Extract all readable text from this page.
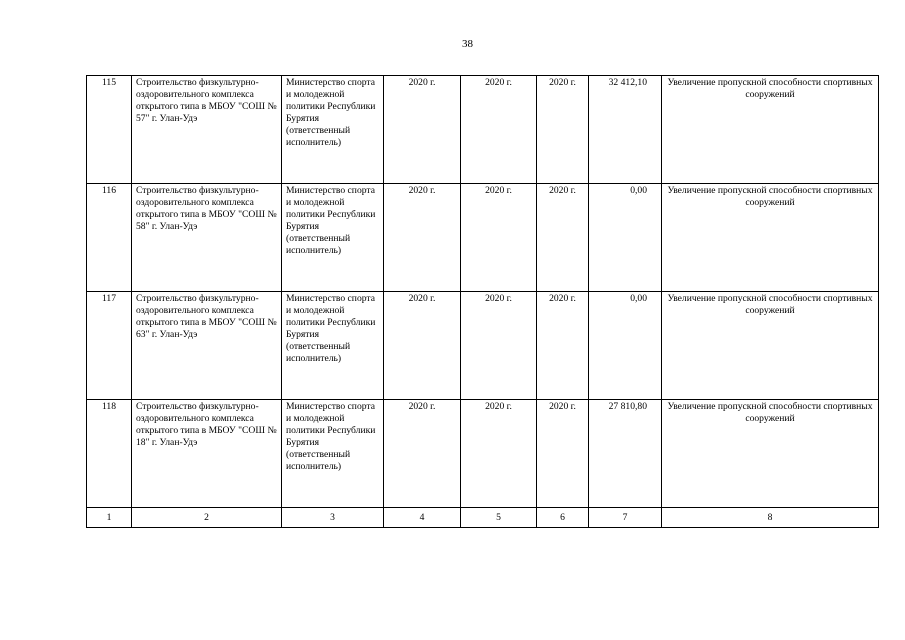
38
115	Строительство физкультурно-оздоровительного комплекса открытого типа в МБОУ "СОШ № 57" г. Улан-Удэ	Министерство спорта и молодежной политики Республики Бурятия (ответственный исполнитель)	2020 г.	2020 г.	2020 г.	32 412,10	Увеличение пропускной способности спортивных сооружений
116	Строительство физкультурно-оздоровительного комплекса открытого типа в МБОУ "СОШ № 58" г. Улан-Удэ	Министерство спорта и молодежной политики Республики Бурятия (ответственный исполнитель)	2020 г.	2020 г.	2020 г.	0,00	Увеличение пропускной способности спортивных сооружений
117	Строительство физкультурно-оздоровительного комплекса открытого типа в МБОУ "СОШ № 63" г. Улан-Удэ	Министерство спорта и молодежной политики Республики Бурятия (ответственный исполнитель)	2020 г.	2020 г.	2020 г.	0,00	Увеличение пропускной способности спортивных сооружений
118	Строительство физкультурно-оздоровительного комплекса открытого типа в МБОУ "СОШ № 18" г. Улан-Удэ	Министерство спорта и молодежной политики Республики Бурятия (ответственный исполнитель)	2020 г.	2020 г.	2020 г.	27 810,80	Увеличение пропускной способности спортивных сооружений
1	2	3	4	5	6	7	8
